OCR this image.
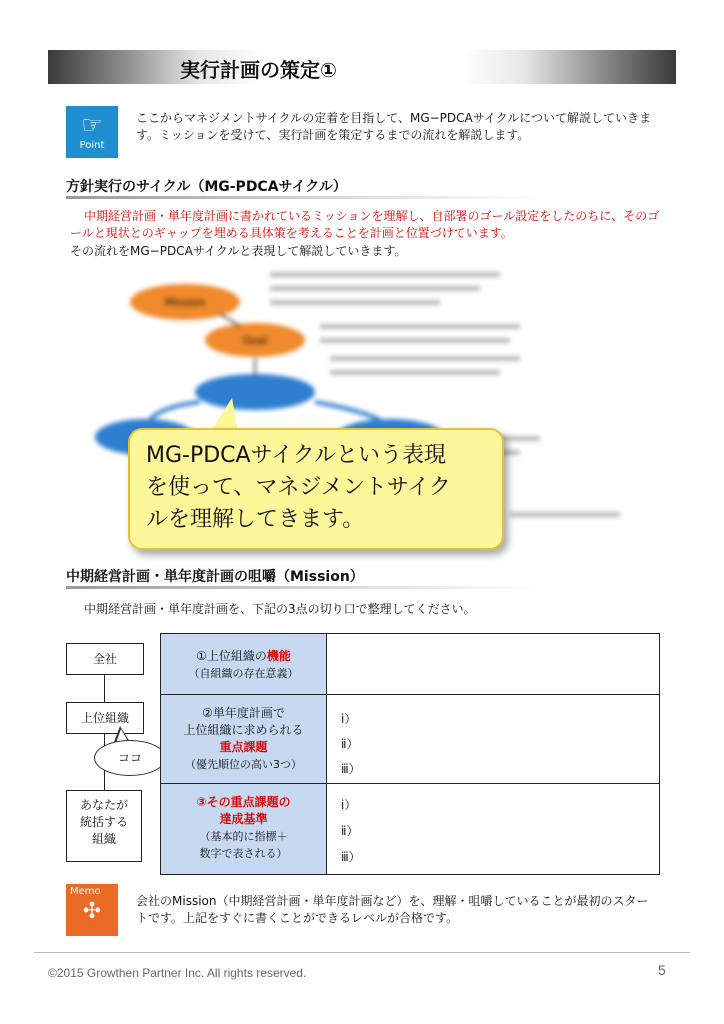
実行計画の策定①
☞
Point
ここからマネジメントサイクルの定着を目指して、MG−PDCAサイクルについて解説していきます。ミッションを受けて、実行計画を策定するまでの流れを解説します。
方針実行のサイクル（MG-PDCAサイクル）
中期経営計画・単年度計画に書かれているミッションを理解し、自部署のゴール設定をしたのちに、そのゴールと現状とのギャップを埋める具体策を考えることを計画と位置づけています。
その流れをMG−PDCAサイクルと表現して解説していきます。
Mission
Goal
MG-PDCAサイクルという表現
を使って、マネジメントサイク
ルを理解してきます。
中期経営計画・単年度計画の咀嚼（Mission）
中期経営計画・単年度計画を、下記の3点の切り口で整理してください。
全社
上位組織
ココ
あなたが
統括する
組織
①上位組織の機能
（自組織の存在意義）
②単年度計画で
上位組織に求められる
重点課題
（優先順位の高い3つ）
ⅰ）
ⅱ）
ⅲ）
③その重点課題の
達成基準
（基本的に指標＋
数字で表される）
ⅰ）
ⅱ）
ⅲ）
Memo
✣	会社のMission（中期経営計画・単年度計画など）を、理解・咀嚼していることが最初のスタートです。上記をすぐに書くことができるレベルが合格です。
©2015 Growthen Partner Inc. All rights reserved.	5
